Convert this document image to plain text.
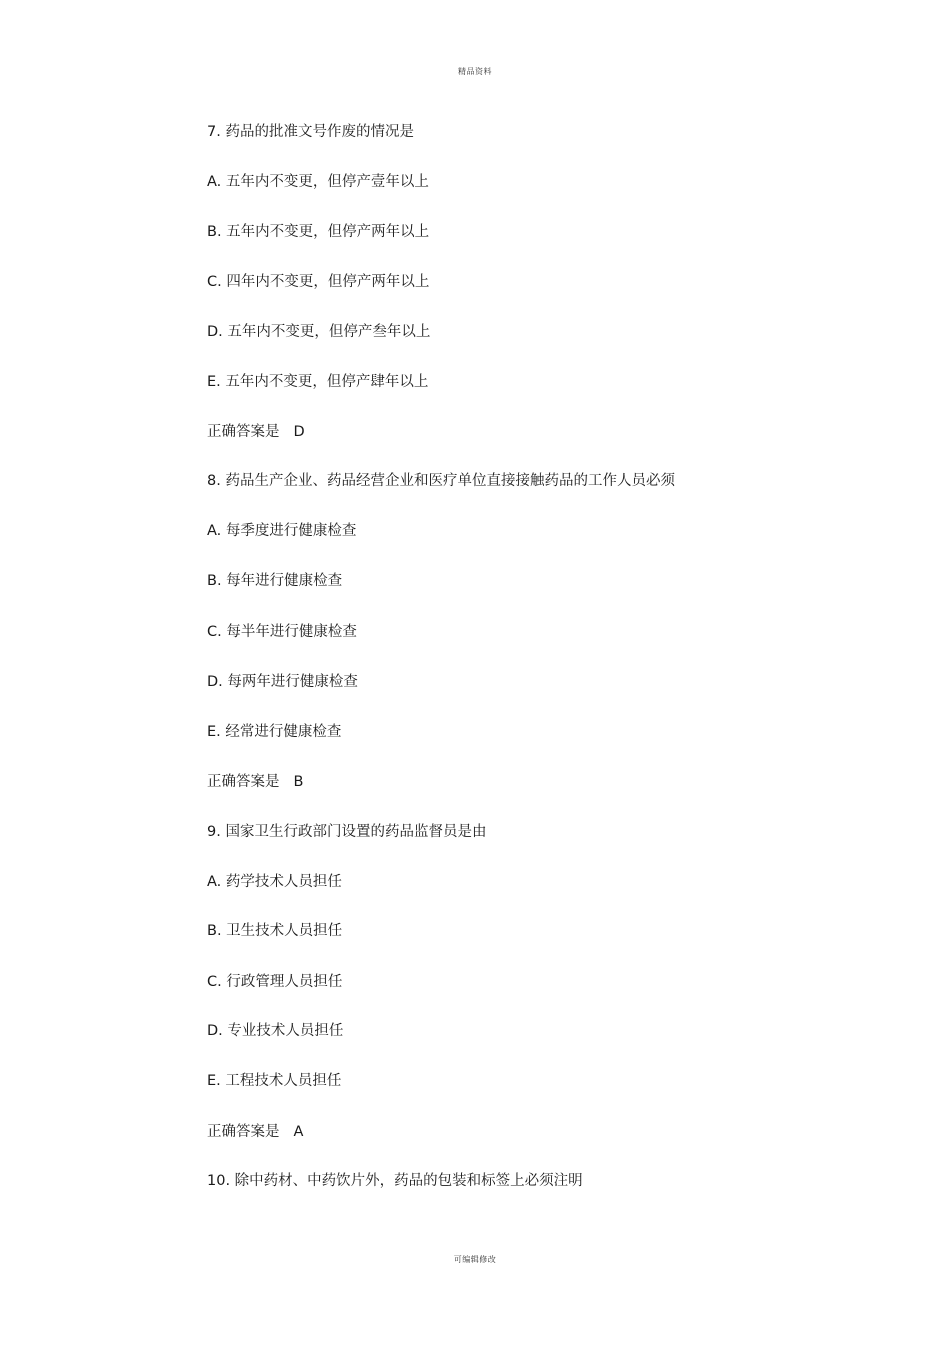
精品资料
7. 药品的批准文号作废的情况是
A. 五年内不变更，但停产壹年以上
B. 五年内不变更，但停产两年以上
C. 四年内不变更，但停产两年以上
D. 五年内不变更，但停产叁年以上
E. 五年内不变更，但停产肆年以上
正确答案是 D
8. 药品生产企业、药品经营企业和医疗单位直接接触药品的工作人员必须
A. 每季度进行健康检查
B. 每年进行健康检查
C. 每半年进行健康检查
D. 每两年进行健康检查
E. 经常进行健康检查
正确答案是 B
9. 国家卫生行政部门设置的药品监督员是由
A. 药学技术人员担任
B. 卫生技术人员担任
C. 行政管理人员担任
D. 专业技术人员担任
E. 工程技术人员担任
正确答案是 A
10. 除中药材、中药饮片外，药品的包装和标签上必须注明
可编辑修改
